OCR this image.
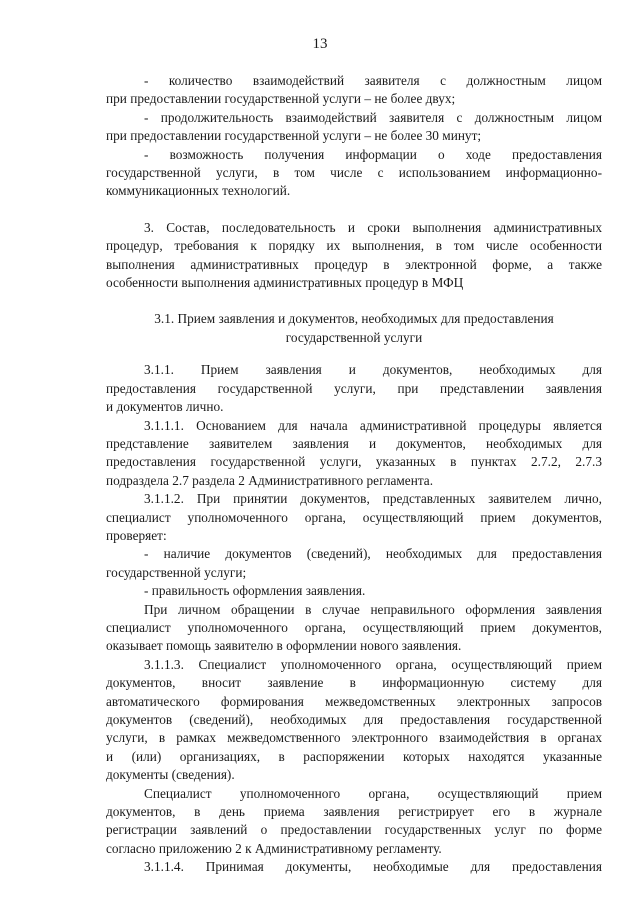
13

- количество взаимодействий заявителя с должностным лицом

при предоставлении государственной услуги – не более двух;

- продолжительность взаимодействий заявителя с должностным лицом

при предоставлении государственной услуги – не более 30 минут;

- возможность получения информации о ходе предоставления

государственной услуги, в том числе с использованием информационно-

коммуникационных технологий.

3. Состав, последовательность и сроки выполнения административных

процедур, требования к порядку их выполнения, в том числе особенности

выполнения административных процедур в электронной форме, а также

особенности выполнения административных процедур в МФЦ

3.1. Прием заявления и документов, необходимых для предоставления

государственной услуги

3.1.1. Прием заявления и документов, необходимых для

предоставления государственной услуги, при представлении заявления

и документов лично.

3.1.1.1. Основанием для начала административной процедуры является

представление заявителем заявления и документов, необходимых для

предоставления государственной услуги, указанных в пунктах 2.7.2, 2.7.3

подраздела 2.7 раздела 2 Административного регламента.

3.1.1.2. При принятии документов, представленных заявителем лично,

специалист уполномоченного органа, осуществляющий прием документов,

проверяет:

- наличие документов (сведений), необходимых для предоставления

государственной услуги;

- правильность оформления заявления.

При личном обращении в случае неправильного оформления заявления

специалист уполномоченного органа, осуществляющий прием документов,

оказывает помощь заявителю в оформлении нового заявления.

3.1.1.3. Специалист уполномоченного органа, осуществляющий прием

документов, вносит заявление в информационную систему для

автоматического формирования межведомственных электронных запросов

документов (сведений), необходимых для предоставления государственной

услуги, в рамках межведомственного электронного взаимодействия в органах

и (или) организациях, в распоряжении которых находятся указанные

документы (сведения).

Специалист уполномоченного органа, осуществляющий прием

документов, в день приема заявления регистрирует его в журнале

регистрации заявлений о предоставлении государственных услуг по форме

согласно приложению 2 к Административному регламенту.

3.1.1.4. Принимая документы, необходимые для предоставления
